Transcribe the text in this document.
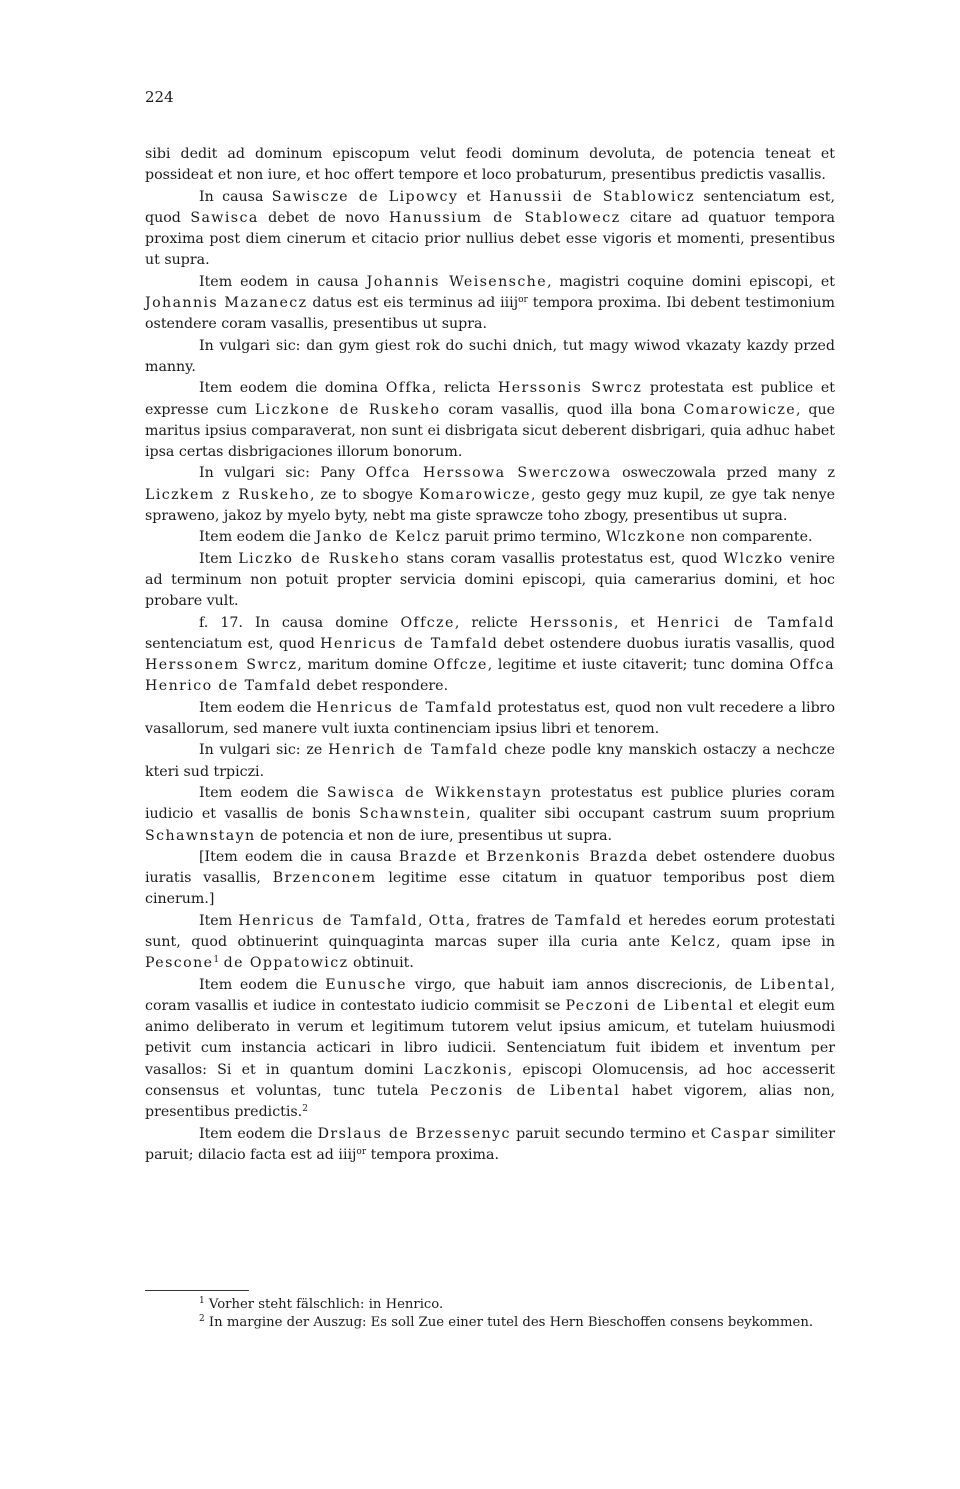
224

sibi dedit ad dominum episcopum velut feodi dominum devoluta, de potencia teneat et possideat et non iure, et hoc offert tempore et loco probaturum, presentibus predictis vasallis.

In causa Sawiscze de Lipowcy et Hanussii de Stablowicz sentenciatum est, quod Sawisca debet de novo Hanussium de Stablowecz citare ad quatuor tempora proxima post diem cinerum et citacio prior nullius debet esse vigoris et momenti, presentibus ut supra.

Item eodem in causa Johannis Weisensche, magistri coquine domini episcopi, et Johannis Mazanecz datus est eis terminus ad iiij$^{or}$ tempora proxima. Ibi debent testimonium ostendere coram vasallis, presentibus ut supra.

In vulgari sic: dan gym giest rok do suchi dnich, tut magy wiwod vkazaty kazdy przed manny.

Item eodem die domina Offka, relicta Herssonis Swrcz protestata est publice et expresse cum Liczkone de Ruskeho coram vasallis, quod illa bona Comarowicze, que maritus ipsius comparaverat, non sunt ei disbrigata sicut deberent disbrigari, quia adhuc habet ipsa certas disbrigaciones illorum bonorum.

In vulgari sic: Pany Offca Herssowa Swerczowa osweczowala przed many z Liczkem z Ruskeho, ze to sbogye Komarowicze, gesto gegy muz kupil, ze gye tak nenye spraweno, jakoz by myelo byty, nebt ma giste sprawcze toho zbogy, presentibus ut supra.

Item eodem die Janko de Kelcz paruit primo termino, Wlczkone non comparente.

Item Liczko de Ruskeho stans coram vasallis protestatus est, quod Wlczko venire ad terminum non potuit propter servicia domini episcopi, quia camerarius domini, et hoc probare vult.

f. 17. In causa domine Offcze, relicte Herssonis, et Henrici de Tamfald sentenciatum est, quod Henricus de Tamfald debet ostendere duobus iuratis vasallis, quod Herssonem Swrcz, maritum domine Offcze, legitime et iuste citaverit; tunc domina Offca Henrico de Tamfald debet respondere.

Item eodem die Henricus de Tamfald protestatus est, quod non vult recedere a libro vasallorum, sed manere vult iuxta continenciam ipsius libri et tenorem.

In vulgari sic: ze Henrich de Tamfald cheze podle kny manskich ostaczy a nechcze kteri sud trpiczi.

Item eodem die Sawisca de Wikkenstayn protestatus est publice pluries coram iudicio et vasallis de bonis Schawnstein, qualiter sibi occupant castrum suum proprium Schawnstayn de potencia et non de iure, presentibus ut supra.

[Item eodem die in causa Brazde et Brzenkonis Brazda debet ostendere duobus iuratis vasallis, Brzenconem legitime esse citatum in quatuor temporibus post diem cinerum.]

Item Henricus de Tamfald, Otta, fratres de Tamfald et heredes eorum protestati sunt, quod obtinuerint quinquaginta marcas super illa curia ante Kelcz, quam ipse in Pescone$^1$ de Oppatowicz obtinuit.

Item eodem die Eunusche virgo, que habuit iam annos discrecionis, de Libental, coram vasallis et iudice in contestato iudicio commisit se Peczoni de Libental et elegit eum animo deliberato in verum et legitimum tutorem velut ipsius amicum, et tutelam huiusmodi petivit cum instancia acticari in libro iudicii. Sentenciatum fuit ibidem et inventum per vasallos: Si et in quantum domini Laczkonis, episcopi Olomucensis, ad hoc accesserit consensus et voluntas, tunc tutela Peczonis de Libental habet vigorem, alias non, presentibus predictis.$^2$

Item eodem die Drslaus de Brzessenyc paruit secundo termino et Caspar similiter paruit; dilacio facta est ad iiij$^{or}$ tempora proxima.

$^1$ Vorher steht fälschlich: in Henrico.

$^2$ In margine der Auszug: Es soll Zue einer tutel des Hern Bieschoffen consens beykommen.
